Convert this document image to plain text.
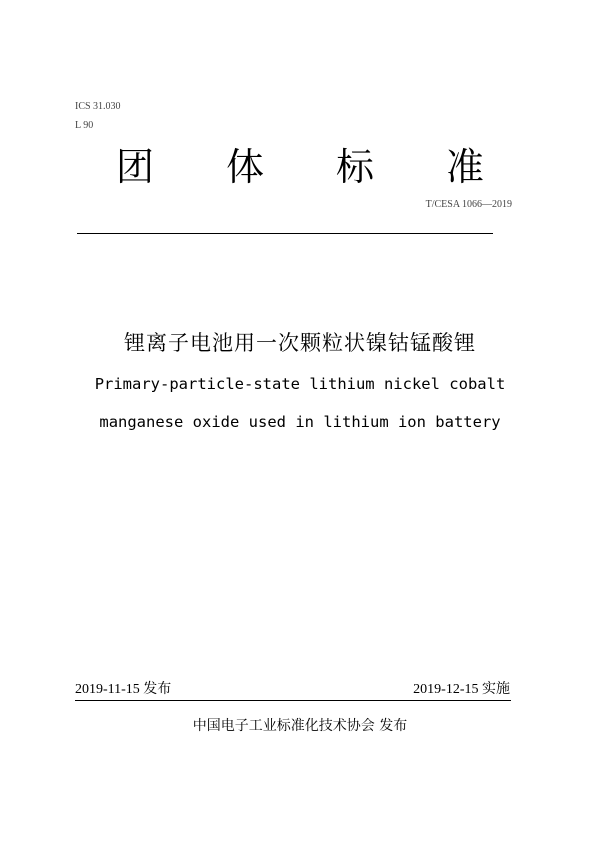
ICS 31.030
L 90
团 体 标 准
T/CESA 1066—2019
锂离子电池用一次颗粒状镍钴锰酸锂
Primary-particle-state lithium nickel cobalt
manganese oxide used in lithium ion battery
2019-11-15 发布	2019-12-15 实施
中国电子工业标准化技术协会 发布
